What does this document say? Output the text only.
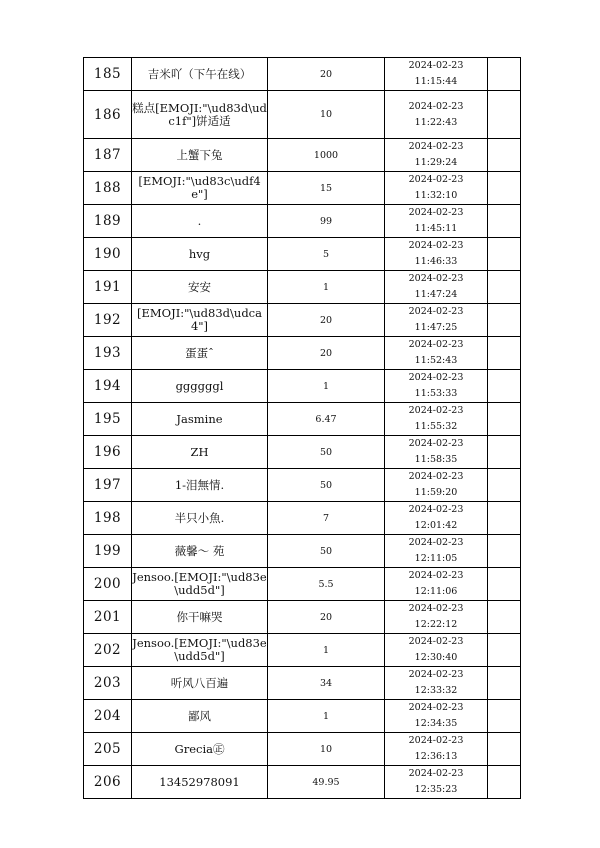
185	吉米吖（下午在线）	20	2024-02-23
11:15:44	

186	糕点[EMOJI:"\ud83d\udc1f"]饼适适	10	2024-02-23
11:22:43	

187	上蟹下兔	1000	2024-02-23
11:29:24	

188	[EMOJI:"\ud83c\udf4e"]	15	2024-02-23
11:32:10	

189	.	99	2024-02-23
11:45:11	

190	hvg	5	2024-02-23
11:46:33	

191	安安	1	2024-02-23
11:47:24	

192	[EMOJI:"\ud83d\udca4"]	20	2024-02-23
11:47:25	

193	蛋蛋ˆ	20	2024-02-23
11:52:43	

194	ggggggl	1	2024-02-23
11:53:33	

195	Jasmine	6.47	2024-02-23
11:55:32	

196	ZH	50	2024-02-23
11:58:35	

197	1-泪無情.	50	2024-02-23
11:59:20	

198	半只小魚.	7	2024-02-23
12:01:42	

199	薇馨～ 苑	50	2024-02-23
12:11:05	

200	Jensoo.[EMOJI:"\ud83e\udd5d"]	5.5	2024-02-23
12:11:06	

201	你干嘛哭	20	2024-02-23
12:22:12	

202	Jensoo.[EMOJI:"\ud83e\udd5d"]	1	2024-02-23
12:30:40	

203	听风八百遍	34	2024-02-23
12:33:32	

204	鄙风	1	2024-02-23
12:34:35	

205	Grecia㊣	10	2024-02-23
12:36:13	

206	13452978091	49.95	2024-02-23
12:35:23	
